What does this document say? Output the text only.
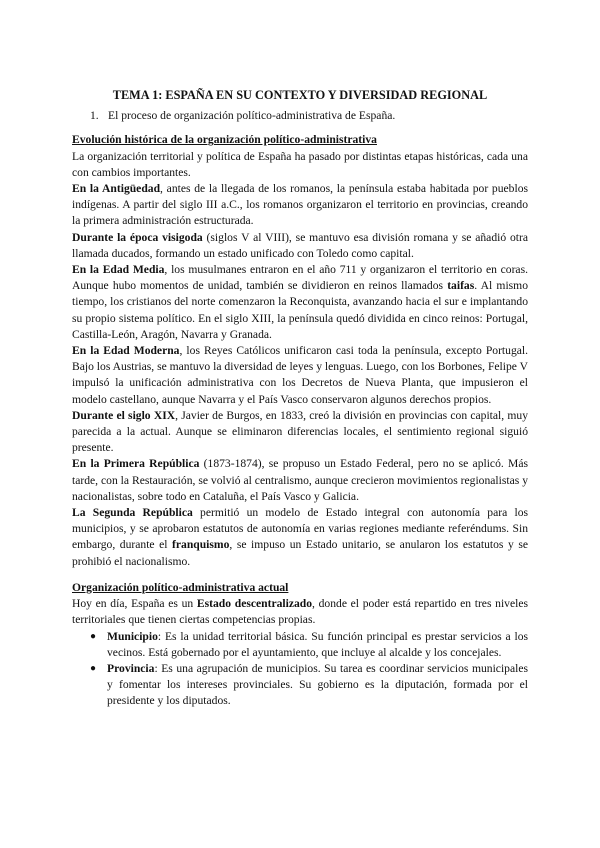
TEMA 1: ESPAÑA EN SU CONTEXTO Y DIVERSIDAD REGIONAL
1. El proceso de organización político-administrativa de España.
Evolución histórica de la organización político-administrativa

La organización territorial y política de España ha pasado por distintas etapas históricas, cada una con cambios importantes.

En la Antigüedad, antes de la llegada de los romanos, la península estaba habitada por pueblos indígenas. A partir del siglo III a.C., los romanos organizaron el territorio en provincias, creando la primera administración estructurada.

Durante la época visigoda (siglos V al VIII), se mantuvo esa división romana y se añadió otra llamada ducados, formando un estado unificado con Toledo como capital.

En la Edad Media, los musulmanes entraron en el año 711 y organizaron el territorio en coras. Aunque hubo momentos de unidad, también se dividieron en reinos llamados taifas. Al mismo tiempo, los cristianos del norte comenzaron la Reconquista, avanzando hacia el sur e implantando su propio sistema político. En el siglo XIII, la península quedó dividida en cinco reinos: Portugal, Castilla-León, Aragón, Navarra y Granada.

En la Edad Moderna, los Reyes Católicos unificaron casi toda la península, excepto Portugal. Bajo los Austrias, se mantuvo la diversidad de leyes y lenguas. Luego, con los Borbones, Felipe V impulsó la unificación administrativa con los Decretos de Nueva Planta, que impusieron el modelo castellano, aunque Navarra y el País Vasco conservaron algunos derechos propios.

Durante el siglo XIX, Javier de Burgos, en 1833, creó la división en provincias con capital, muy parecida a la actual. Aunque se eliminaron diferencias locales, el sentimiento regional siguió presente.

En la Primera República (1873-1874), se propuso un Estado Federal, pero no se aplicó. Más tarde, con la Restauración, se volvió al centralismo, aunque crecieron movimientos regionalistas y nacionalistas, sobre todo en Cataluña, el País Vasco y Galicia.

La Segunda República permitió un modelo de Estado integral con autonomía para los municipios, y se aprobaron estatutos de autonomía en varias regiones mediante referéndums. Sin embargo, durante el franquismo, se impuso un Estado unitario, se anularon los estatutos y se prohibió el nacionalismo.

Organización político-administrativa actual

Hoy en día, España es un Estado descentralizado, donde el poder está repartido en tres niveles territoriales que tienen ciertas competencias propias.

● Municipio: Es la unidad territorial básica. Su función principal es prestar servicios a los vecinos. Está gobernado por el ayuntamiento, que incluye al alcalde y los concejales.
● Provincia: Es una agrupación de municipios. Su tarea es coordinar servicios municipales y fomentar los intereses provinciales. Su gobierno es la diputación, formada por el presidente y los diputados.
